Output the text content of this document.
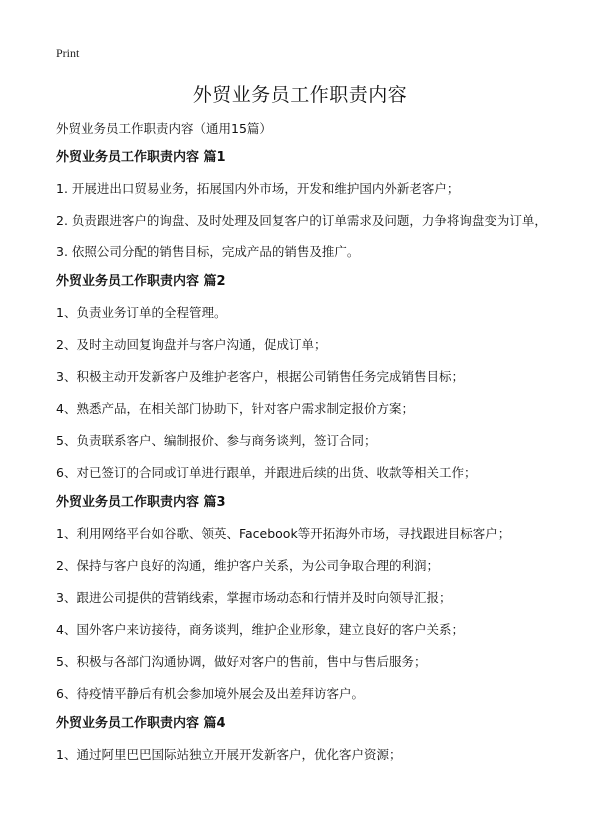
Print
外贸业务员工作职责内容

外贸业务员工作职责内容（通用15篇）

外贸业务员工作职责内容 篇1

1. 开展进出口贸易业务，拓展国内外市场，开发和维护国内外新老客户；

2. 负责跟进客户的询盘、及时处理及回复客户的订单需求及问题，力争将询盘变为订单，

3. 依照公司分配的销售目标，完成产品的销售及推广。

外贸业务员工作职责内容 篇2

1、负责业务订单的全程管理。

2、及时主动回复询盘并与客户沟通，促成订单；

3、积极主动开发新客户及维护老客户，根据公司销售任务完成销售目标；

4、熟悉产品，在相关部门协助下，针对客户需求制定报价方案；

5、负责联系客户、编制报价、参与商务谈判，签订合同；

6、对已签订的合同或订单进行跟单，并跟进后续的出货、收款等相关工作；

外贸业务员工作职责内容 篇3

1、利用网络平台如谷歌、领英、Facebook等开拓海外市场，寻找跟进目标客户；

2、保持与客户良好的沟通，维护客户关系，为公司争取合理的利润；

3、跟进公司提供的营销线索，掌握市场动态和行情并及时向领导汇报；

4、国外客户来访接待，商务谈判，维护企业形象，建立良好的客户关系；

5、积极与各部门沟通协调，做好对客户的售前，售中与售后服务；

6、待疫情平静后有机会参加境外展会及出差拜访客户。

外贸业务员工作职责内容 篇4

1、通过阿里巴巴国际站独立开展开发新客户，优化客户资源；
